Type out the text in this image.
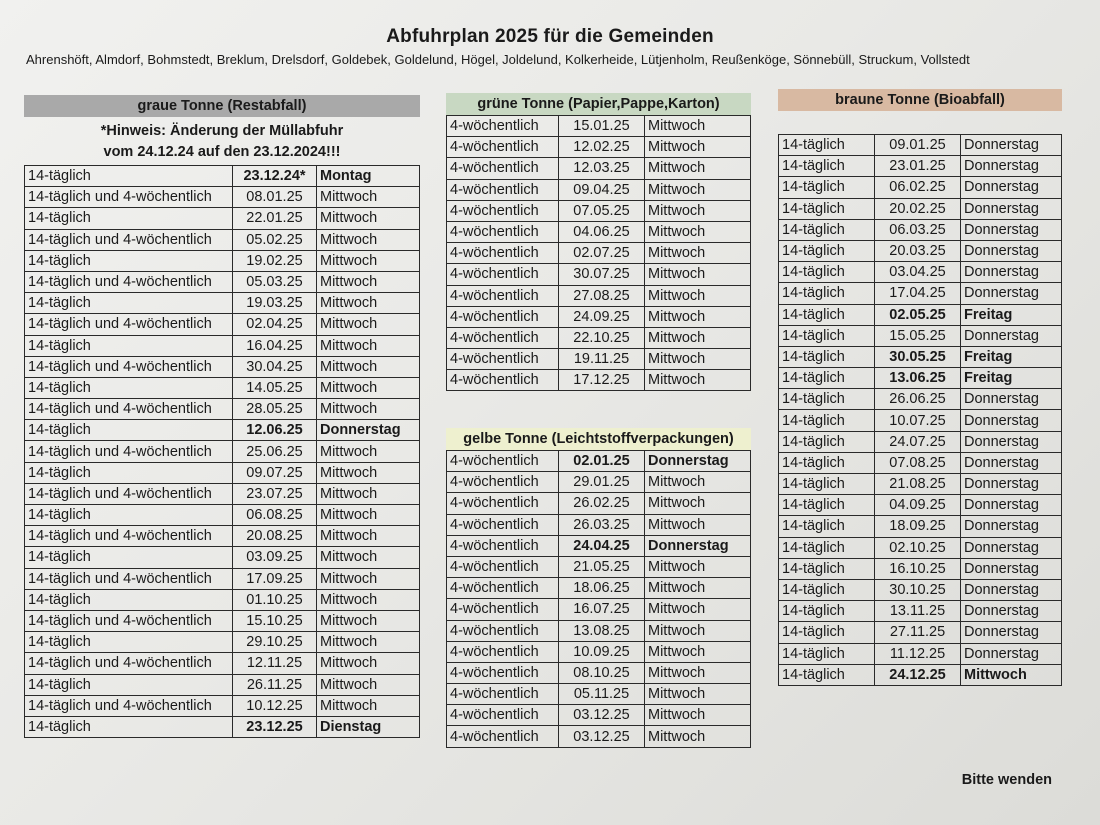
Abfuhrplan 2025 für die Gemeinden
Ahrenshöft, Almdorf, Bohmstedt, Breklum, Drelsdorf, Goldebek, Goldelund, Högel, Joldelund, Kolkerheide, Lütjenholm, Reußenköge, Sönnebüll, Struckum, Vollstedt
graue Tonne (Restabfall)
*Hinweis: Änderung der Müllabfuhr
vom 24.12.24 auf den 23.12.2024!!!
14-täglich	23.12.24*	Montag
14-täglich und 4-wöchentlich	08.01.25	Mittwoch
14-täglich	22.01.25	Mittwoch
14-täglich und 4-wöchentlich	05.02.25	Mittwoch
14-täglich	19.02.25	Mittwoch
14-täglich und 4-wöchentlich	05.03.25	Mittwoch
14-täglich	19.03.25	Mittwoch
14-täglich und 4-wöchentlich	02.04.25	Mittwoch
14-täglich	16.04.25	Mittwoch
14-täglich und 4-wöchentlich	30.04.25	Mittwoch
14-täglich	14.05.25	Mittwoch
14-täglich und 4-wöchentlich	28.05.25	Mittwoch
14-täglich	12.06.25	Donnerstag
14-täglich und 4-wöchentlich	25.06.25	Mittwoch
14-täglich	09.07.25	Mittwoch
14-täglich und 4-wöchentlich	23.07.25	Mittwoch
14-täglich	06.08.25	Mittwoch
14-täglich und 4-wöchentlich	20.08.25	Mittwoch
14-täglich	03.09.25	Mittwoch
14-täglich und 4-wöchentlich	17.09.25	Mittwoch
14-täglich	01.10.25	Mittwoch
14-täglich und 4-wöchentlich	15.10.25	Mittwoch
14-täglich	29.10.25	Mittwoch
14-täglich und 4-wöchentlich	12.11.25	Mittwoch
14-täglich	26.11.25	Mittwoch
14-täglich und 4-wöchentlich	10.12.25	Mittwoch
14-täglich	23.12.25	Dienstag
grüne Tonne (Papier,Pappe,Karton)
4-wöchentlich	15.01.25	Mittwoch
4-wöchentlich	12.02.25	Mittwoch
4-wöchentlich	12.03.25	Mittwoch
4-wöchentlich	09.04.25	Mittwoch
4-wöchentlich	07.05.25	Mittwoch
4-wöchentlich	04.06.25	Mittwoch
4-wöchentlich	02.07.25	Mittwoch
4-wöchentlich	30.07.25	Mittwoch
4-wöchentlich	27.08.25	Mittwoch
4-wöchentlich	24.09.25	Mittwoch
4-wöchentlich	22.10.25	Mittwoch
4-wöchentlich	19.11.25	Mittwoch
4-wöchentlich	17.12.25	Mittwoch
gelbe Tonne (Leichtstoffverpackungen)
4-wöchentlich	02.01.25	Donnerstag
4-wöchentlich	29.01.25	Mittwoch
4-wöchentlich	26.02.25	Mittwoch
4-wöchentlich	26.03.25	Mittwoch
4-wöchentlich	24.04.25	Donnerstag
4-wöchentlich	21.05.25	Mittwoch
4-wöchentlich	18.06.25	Mittwoch
4-wöchentlich	16.07.25	Mittwoch
4-wöchentlich	13.08.25	Mittwoch
4-wöchentlich	10.09.25	Mittwoch
4-wöchentlich	08.10.25	Mittwoch
4-wöchentlich	05.11.25	Mittwoch
4-wöchentlich	03.12.25	Mittwoch
4-wöchentlich	03.12.25	Mittwoch
braune Tonne (Bioabfall)
14-täglich	09.01.25	Donnerstag
14-täglich	23.01.25	Donnerstag
14-täglich	06.02.25	Donnerstag
14-täglich	20.02.25	Donnerstag
14-täglich	06.03.25	Donnerstag
14-täglich	20.03.25	Donnerstag
14-täglich	03.04.25	Donnerstag
14-täglich	17.04.25	Donnerstag
14-täglich	02.05.25	Freitag
14-täglich	15.05.25	Donnerstag
14-täglich	30.05.25	Freitag
14-täglich	13.06.25	Freitag
14-täglich	26.06.25	Donnerstag
14-täglich	10.07.25	Donnerstag
14-täglich	24.07.25	Donnerstag
14-täglich	07.08.25	Donnerstag
14-täglich	21.08.25	Donnerstag
14-täglich	04.09.25	Donnerstag
14-täglich	18.09.25	Donnerstag
14-täglich	02.10.25	Donnerstag
14-täglich	16.10.25	Donnerstag
14-täglich	30.10.25	Donnerstag
14-täglich	13.11.25	Donnerstag
14-täglich	27.11.25	Donnerstag
14-täglich	11.12.25	Donnerstag
14-täglich	24.12.25	Mittwoch
Bitte wenden
